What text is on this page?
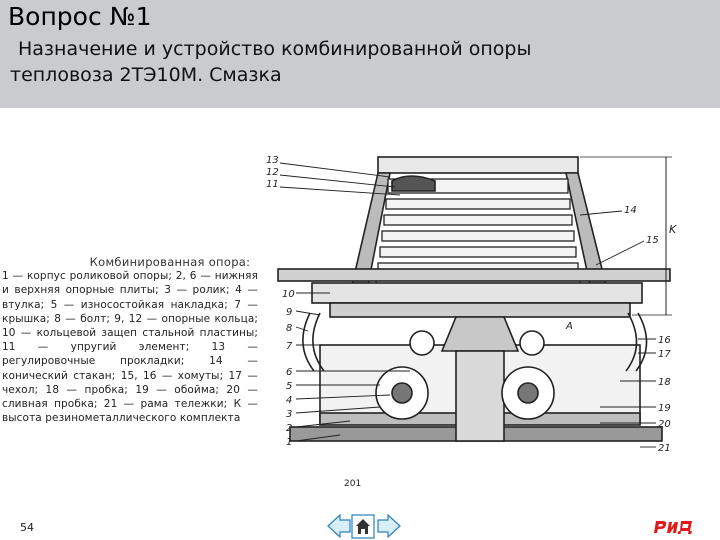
Вопрос №1
Назначение и устройство комбинированной опоры
тепловоза 2ТЭ10М. Смазка
Комбинированная опора:
1 — корпус роликовой опоры; 2, 6 — нижняя и верхняя опорные плиты; 3 — ролик; 4 — втулка; 5 — износостойкая накладка; 7 — крышка; 8 — болт; 9, 12 — опорные кольца; 10 — кольцевой защеп стальной пластины; 11 — упругий элемент; 13 — регулировочные прокладки; 14 — конический стакан; 15, 16 — хомуты; 17 — чехол; 18 — пробка; 19 — обойма; 20 — сливная пробка; 21 — рама тележки; К — высота резинометаллического комплекта
13
12
11
10
9
8
7
6
5
4
3
2
1
14
15
16
17
18
19
20
21
K
A
201
54
